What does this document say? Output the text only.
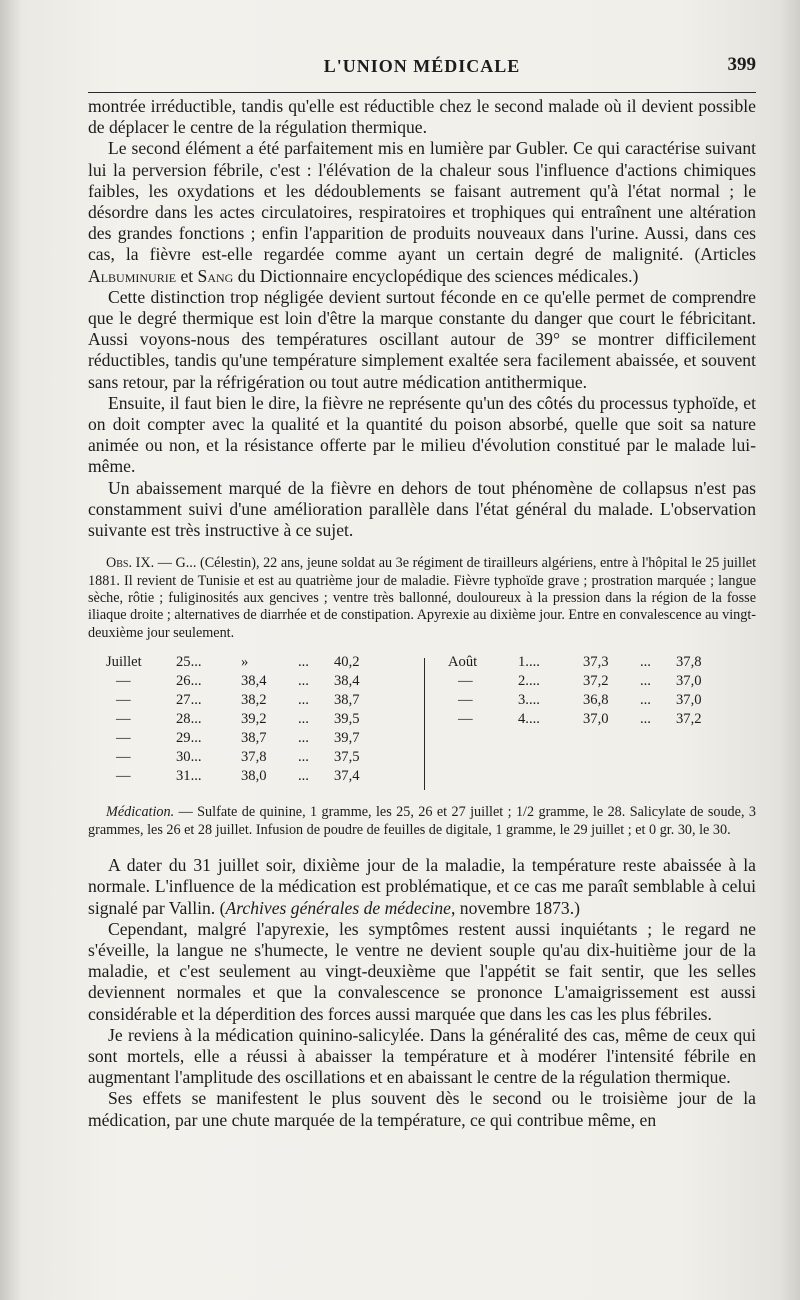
L'UNION MÉDICALE	399

montrée irréductible, tandis qu'elle est réductible chez le second malade où il devient possible de déplacer le centre de la régulation thermique.

Le second élément a été parfaitement mis en lumière par Gubler. Ce qui caractérise suivant lui la perversion fébrile, c'est : l'élévation de la chaleur sous l'influence d'actions chimiques faibles, les oxydations et les dédoublements se faisant autrement qu'à l'état normal ; le désordre dans les actes circulatoires, respiratoires et trophiques qui entraînent une altération des grandes fonctions ; enfin l'apparition de produits nouveaux dans l'urine. Aussi, dans ces cas, la fièvre est-elle regardée comme ayant un certain degré de malignité. (Articles Albuminurie et Sang du Dictionnaire encyclopédique des sciences médicales.)

Cette distinction trop négligée devient surtout féconde en ce qu'elle permet de comprendre que le degré thermique est loin d'être la marque constante du danger que court le fébricitant. Aussi voyons-nous des températures oscillant autour de 39° se montrer difficilement réductibles, tandis qu'une température simplement exaltée sera facilement abaissée, et souvent sans retour, par la réfrigération ou tout autre médication antithermique.

Ensuite, il faut bien le dire, la fièvre ne représente qu'un des côtés du processus typhoïde, et on doit compter avec la qualité et la quantité du poison absorbé, quelle que soit sa nature animée ou non, et la résistance offerte par le milieu d'évolution constitué par le malade lui-même.

Un abaissement marqué de la fièvre en dehors de tout phénomène de collapsus n'est pas constamment suivi d'une amélioration parallèle dans l'état général du malade. L'observation suivante est très instructive à ce sujet.

Obs. IX. — G... (Célestin), 22 ans, jeune soldat au 3e régiment de tirailleurs algériens, entre à l'hôpital le 25 juillet 1881. Il revient de Tunisie et est au quatrième jour de maladie. Fièvre typhoïde grave ; prostration marquée ; langue sèche, rôtie ; fuliginosités aux gencives ; ventre très ballonné, douloureux à la pression dans la région de la fosse iliaque droite ; alternatives de diarrhée et de constipation. Apyrexie au dixième jour. Entre en convalescence au vingt-deuxième jour seulement.

Juillet 25...	»	... 40,2
—	26...	38,4 ... 38,4
—	27...	38,2 ... 38,7
—	28...	39,2 ... 39,5
—	29...	38,7 ... 39,7
—	30...	37,8 ... 37,5
—	31...	38,0 ... 37,4
Août	1....	37,3 ... 37,8
—	2....	37,2 ... 37,0
—	3....	36,8 ... 37,0
—	4....	37,0 ... 37,2

Médication. — Sulfate de quinine, 1 gramme, les 25, 26 et 27 juillet ; 1/2 gramme, le 28. Salicylate de soude, 3 grammes, les 26 et 28 juillet. Infusion de poudre de feuilles de digitale, 1 gramme, le 29 juillet ; et 0 gr. 30, le 30.

A dater du 31 juillet soir, dixième jour de la maladie, la température reste abaissée à la normale. L'influence de la médication est problématique, et ce cas me paraît semblable à celui signalé par Vallin. (Archives générales de médecine, novembre 1873.)

Cependant, malgré l'apyrexie, les symptômes restent aussi inquiétants ; le regard ne s'éveille, la langue ne s'humecte, le ventre ne devient souple qu'au dix-huitième jour de la maladie, et c'est seulement au vingt-deuxième que l'appétit se fait sentir, que les selles deviennent normales et que la convalescence se prononce L'amaigrissement est aussi considérable et la déperdition des forces aussi marquée que dans les cas les plus fébriles.

Je reviens à la médication quinino-salicylée. Dans la généralité des cas, même de ceux qui sont mortels, elle a réussi à abaisser la température et à modérer l'intensité fébrile en augmentant l'amplitude des oscillations et en abaissant le centre de la régulation thermique.

Ses effets se manifestent le plus souvent dès le second ou le troisième jour de la médication, par une chute marquée de la température, ce qui contribue même, en
